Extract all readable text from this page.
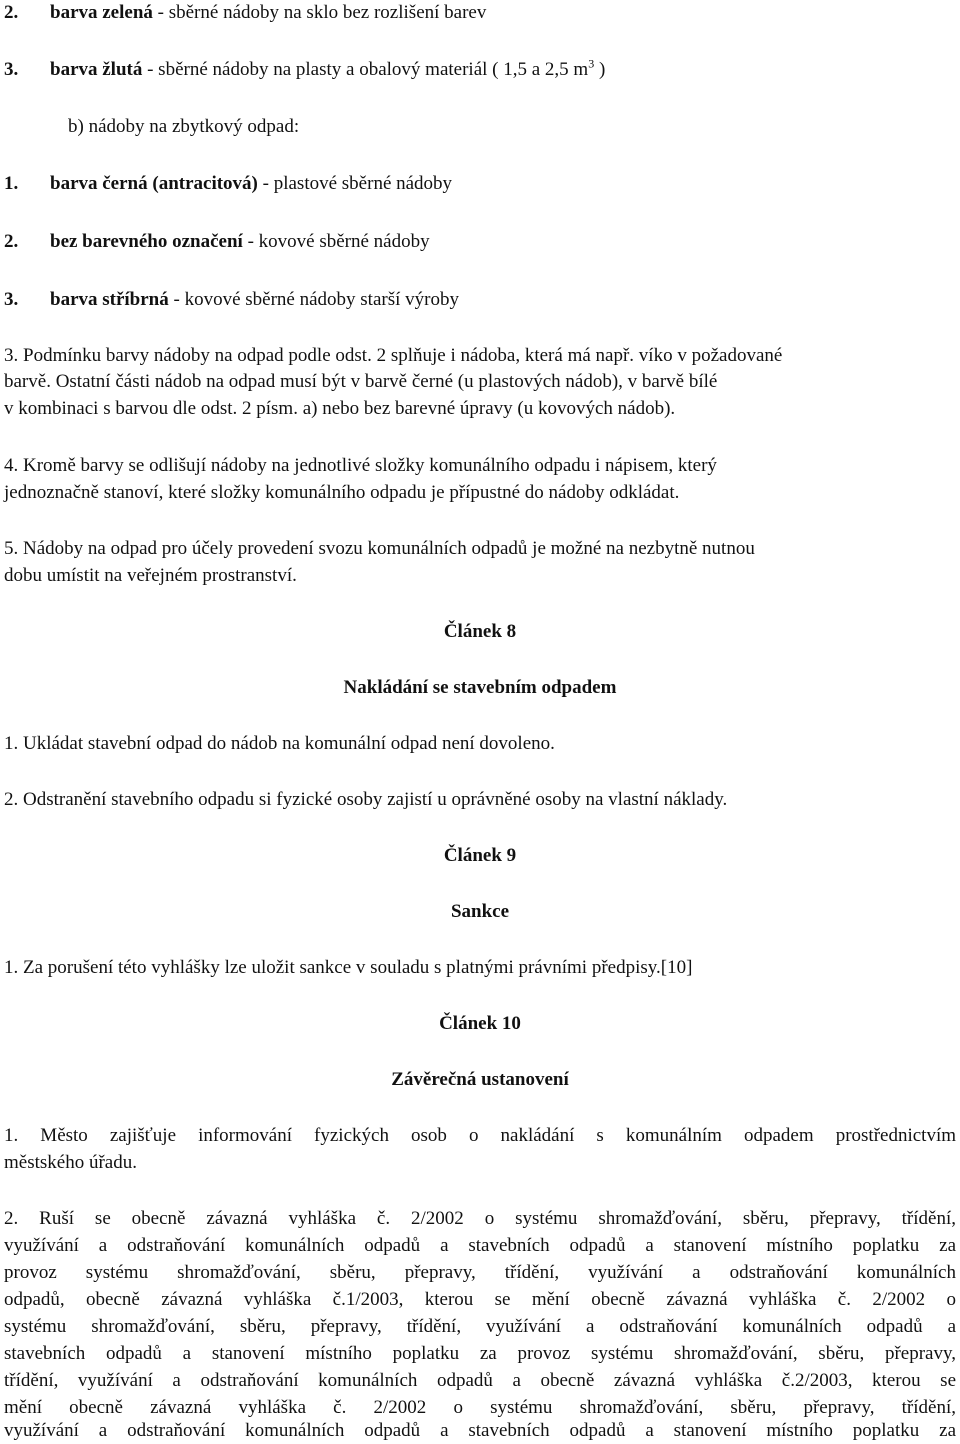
2. barva zelená - sběrné nádoby na sklo bez rozlišení barev
3. barva žlutá - sběrné nádoby na plasty a obalový materiál ( 1,5 a 2,5 $m^3$ )
b) nádoby na zbytkový odpad:
1. barva černá (antracitová) - plastové sběrné nádoby
2. bez barevného označení - kovové sběrné nádoby
3. barva stříbrná - kovové sběrné nádoby starší výroby
3. Podmínku barvy nádoby na odpad podle odst. 2 splňuje i nádoba, která má např. víko v požadované
barvě. Ostatní části nádob na odpad musí být v barvě černé (u plastových nádob), v barvě bílé
v kombinaci s barvou dle odst. 2 písm. a) nebo bez barevné úpravy (u kovových nádob).
4. Kromě barvy se odlišují nádoby na jednotlivé složky komunálního odpadu i nápisem, který
jednoznačně stanoví, které složky komunálního odpadu je přípustné do nádoby odkládat.
5. Nádoby na odpad pro účely provedení svozu komunálních odpadů je možné na nezbytně nutnou
dobu umístit na veřejném prostranství.
Článek 8
Nakládání se stavebním odpadem
1. Ukládat stavební odpad do nádob na komunální odpad není dovoleno.
2. Odstranění stavebního odpadu si fyzické osoby zajistí u oprávněné osoby na vlastní náklady.
Článek 9
Sankce
1. Za porušení této vyhlášky lze uložit sankce v souladu s platnými právními předpisy.[10]
Článek 10
Závěrečná ustanovení
1. Město zajišťuje informování fyzických osob o nakládání s komunálním odpadem prostřednictvím
městského úřadu.
2. Ruší se obecně závazná vyhláška č. 2/2002 o systému shromažďování, sběru, přepravy, třídění,
využívání a odstraňování komunálních odpadů a stavebních odpadů a stanovení místního poplatku za
provoz systému shromažďování, sběru, přepravy, třídění, využívání a odstraňování komunálních
odpadů, obecně závazná vyhláška č.1/2003, kterou se mění obecně závazná vyhláška č. 2/2002 o
systému shromažďování, sběru, přepravy, třídění, využívání a odstraňování komunálních odpadů a
stavebních odpadů a stanovení místního poplatku za provoz systému shromažďování, sběru, přepravy,
třídění, využívání a odstraňování komunálních odpadů a obecně závazná vyhláška č.2/2003, kterou se
mění obecně závazná vyhláška č. 2/2002 o systému shromažďování, sběru, přepravy, třídění,
využívání a odstraňování komunálních odpadů a stavebních odpadů a stanovení místního poplatku za
